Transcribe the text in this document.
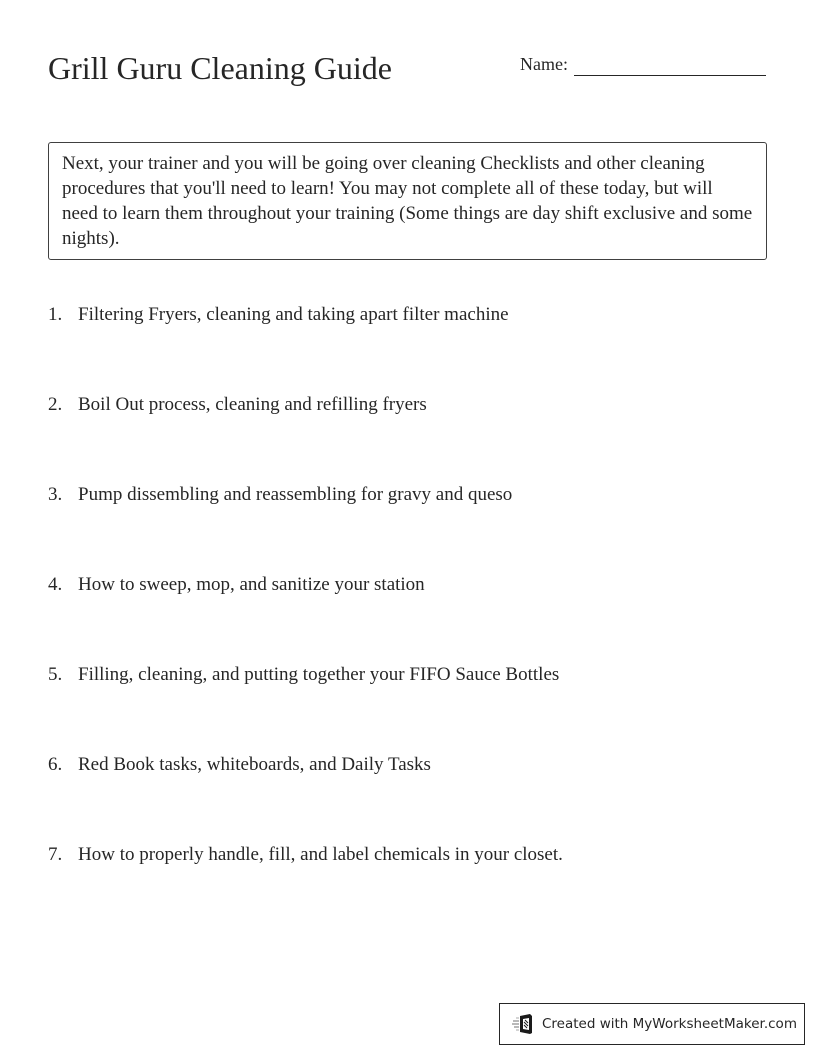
Grill Guru Cleaning Guide	Name:
Next, your trainer and you will be going over cleaning Checklists and other cleaning procedures that you'll need to learn! You may not complete all of these today, but will need to learn them throughout your training (Some things are day shift exclusive and some nights).
1. Filtering Fryers, cleaning and taking apart filter machine
2. Boil Out process, cleaning and refilling fryers
3. Pump dissembling and reassembling for gravy and queso
4. How to sweep, mop, and sanitize your station
5. Filling, cleaning, and putting together your FIFO Sauce Bottles
6. Red Book tasks, whiteboards, and Daily Tasks
7. How to properly handle, fill, and label chemicals in your closet.
Created with MyWorksheetMaker.com
